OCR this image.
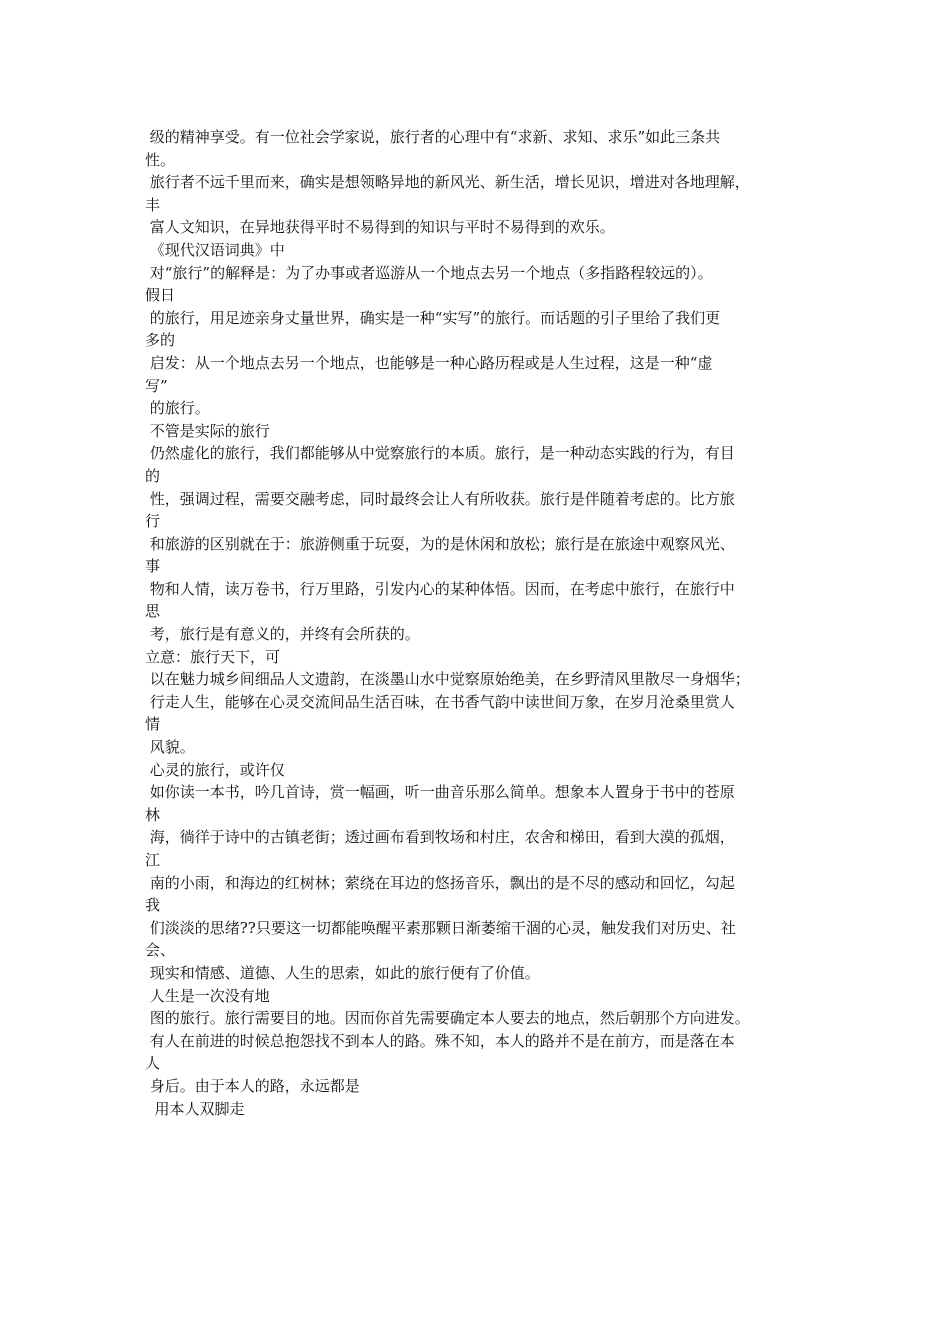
级的精神享受。有一位社会学家说，旅行者的心理中有“求新、求知、求乐”如此三条共
性。
旅行者不远千里而来，确实是想领略异地的新风光、新生活，增长见识，增进对各地理解，
丰
富人文知识，在异地获得平时不易得到的知识与平时不易得到的欢乐。
《现代汉语词典》中
对“旅行”的解释是：为了办事或者巡游从一个地点去另一个地点（多指路程较远的）。
假日
的旅行，用足迹亲身丈量世界，确实是一种“实写”的旅行。而话题的引子里给了我们更
多的
启发：从一个地点去另一个地点，也能够是一种心路历程或是人生过程，这是一种“虚
写”
的旅行。
不管是实际的旅行
仍然虚化的旅行，我们都能够从中觉察旅行的本质。旅行，是一种动态实践的行为，有目
的
性，强调过程，需要交融考虑，同时最终会让人有所收获。旅行是伴随着考虑的。比方旅
行
和旅游的区别就在于：旅游侧重于玩耍，为的是休闲和放松；旅行是在旅途中观察风光、
事
物和人情，读万卷书，行万里路，引发内心的某种体悟。因而，在考虑中旅行，在旅行中
思
考，旅行是有意义的，并终有会所获的。
立意：旅行天下，可
以在魅力城乡间细品人文遗韵，在淡墨山水中觉察原始绝美，在乡野清风里散尽一身烟华；
行走人生，能够在心灵交流间品生活百味，在书香气韵中读世间万象，在岁月沧桑里赏人
情
风貌。
心灵的旅行，或许仅
如你读一本书，吟几首诗，赏一幅画，听一曲音乐那么简单。想象本人置身于书中的苍原
林
海，徜徉于诗中的古镇老街；透过画布看到牧场和村庄，农舍和梯田，看到大漠的孤烟，
江
南的小雨，和海边的红树林；萦绕在耳边的悠扬音乐，飘出的是不尽的感动和回忆，勾起
我
们淡淡的思绪??只要这一切都能唤醒平素那颗日渐萎缩干涸的心灵，触发我们对历史、社
会、
现实和情感、道德、人生的思索，如此的旅行便有了价值。
人生是一次没有地
图的旅行。旅行需要目的地。因而你首先需要确定本人要去的地点，然后朝那个方向进发。
有人在前进的时候总抱怨找不到本人的路。殊不知，本人的路并不是在前方，而是落在本
人
身后。由于本人的路，永远都是
用本人双脚走
